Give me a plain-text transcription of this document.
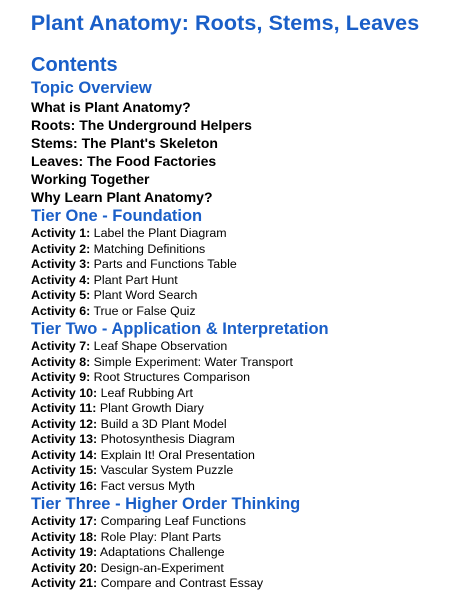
Plant Anatomy: Roots, Stems, Leaves
Contents
Topic Overview
What is Plant Anatomy?
Roots: The Underground Helpers
Stems: The Plant's Skeleton
Leaves: The Food Factories
Working Together
Why Learn Plant Anatomy?
Tier One - Foundation
Activity 1: Label the Plant Diagram
Activity 2: Matching Definitions
Activity 3: Parts and Functions Table
Activity 4: Plant Part Hunt
Activity 5: Plant Word Search
Activity 6: True or False Quiz
Tier Two - Application & Interpretation
Activity 7: Leaf Shape Observation
Activity 8: Simple Experiment: Water Transport
Activity 9: Root Structures Comparison
Activity 10: Leaf Rubbing Art
Activity 11: Plant Growth Diary
Activity 12: Build a 3D Plant Model
Activity 13: Photosynthesis Diagram
Activity 14: Explain It! Oral Presentation
Activity 15: Vascular System Puzzle
Activity 16: Fact versus Myth
Tier Three - Higher Order Thinking
Activity 17: Comparing Leaf Functions
Activity 18: Role Play: Plant Parts
Activity 19: Adaptations Challenge
Activity 20: Design-an-Experiment
Activity 21: Compare and Contrast Essay
